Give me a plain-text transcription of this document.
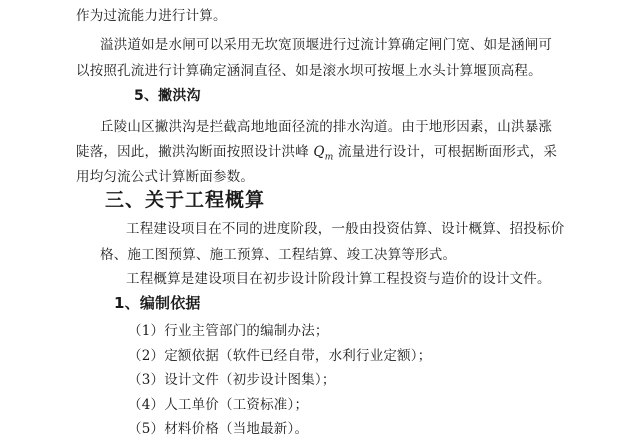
作为过流能力进行计算。
溢洪道如是水闸可以采用无坎宽顶堰进行过流计算确定闸门宽、如是涵闸可
以按照孔流进行计算确定涵洞直径、如是滚水坝可按堰上水头计算堰顶高程。
5、撇洪沟
丘陵山区撇洪沟是拦截高地地面径流的排水沟道。由于地形因素，山洪暴涨
陡落，因此，撇洪沟断面按照设计洪峰 $Q_m$ 流量进行设计，可根据断面形式，采
用均匀流公式计算断面参数。
三、关于工程概算
工程建设项目在不同的进度阶段，一般由投资估算、设计概算、招投标价
格、施工图预算、施工预算、工程结算、竣工决算等形式。
工程概算是建设项目在初步设计阶段计算工程投资与造价的设计文件。
1、编制依据
（1）行业主管部门的编制办法；
（2）定额依据（软件已经自带，水利行业定额）；
（3）设计文件（初步设计图集）；
（4）人工单价（工资标准）；
（5）材料价格（当地最新）。
